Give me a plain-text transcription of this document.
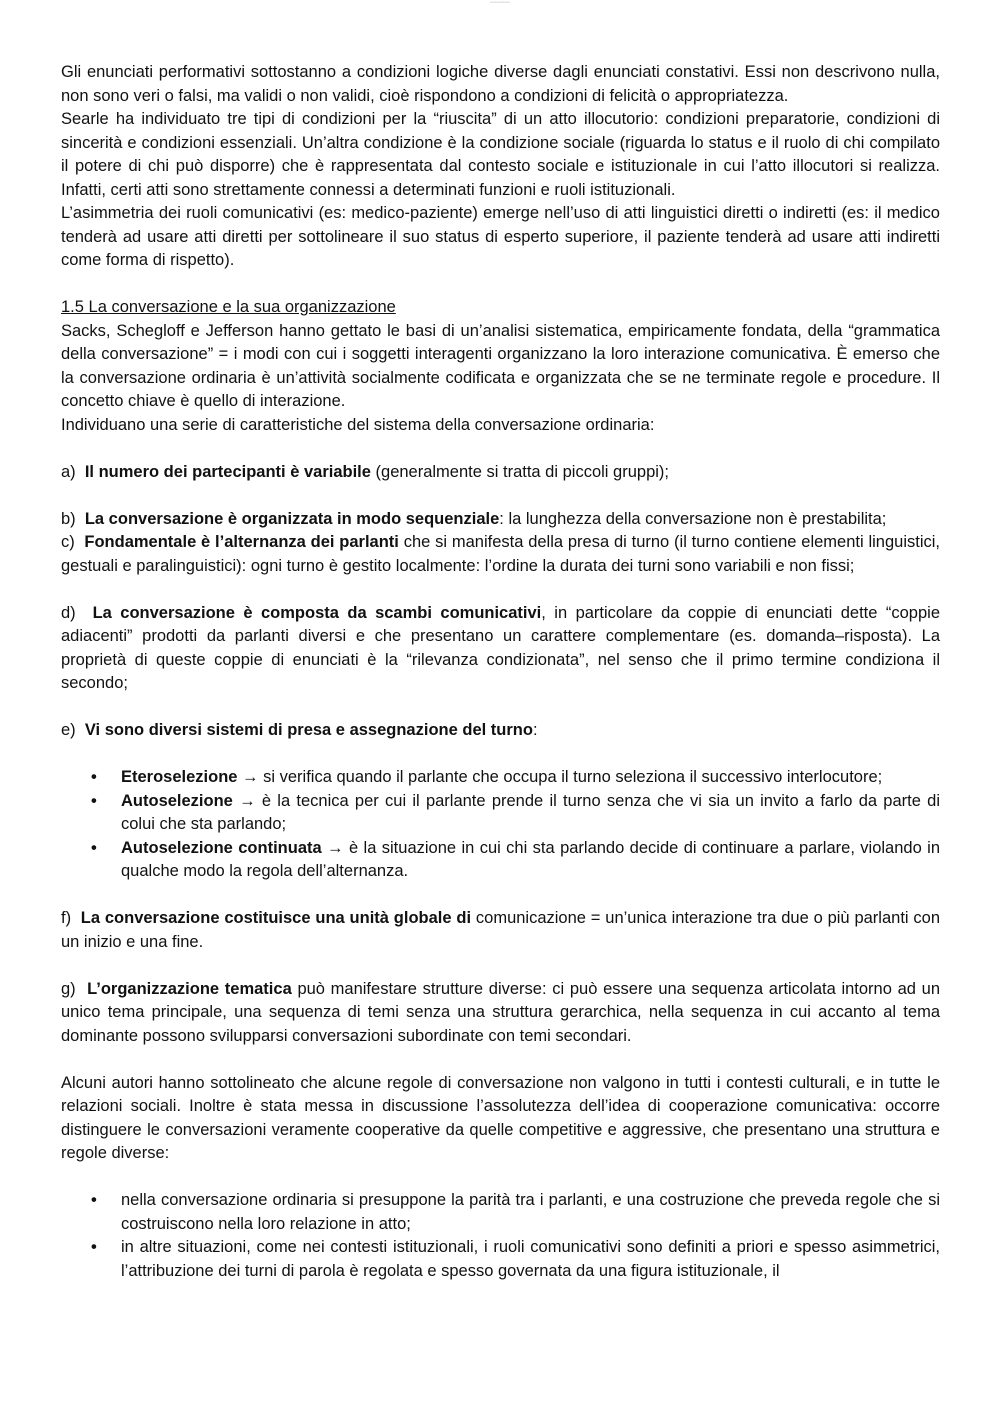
comunicazione

Gli enunciati performativi sottostanno a condizioni logiche diverse dagli enunciati constativi. Essi non descrivono nulla, non sono veri o falsi, ma validi o non validi, cioè rispondono a condizioni di felicità o appropriatezza.

Searle ha individuato tre tipi di condizioni per la “riuscita” di un atto illocutorio: condizioni preparatorie, condizioni di sincerità e condizioni essenziali. Un’altra condizione è la condizione sociale (riguarda lo status e il ruolo di chi compilato il potere di chi può disporre) che è rappresentata dal contesto sociale e istituzionale in cui l’atto illocutori si realizza. Infatti, certi atti sono strettamente connessi a determinati funzioni e ruoli istituzionali.

L’asimmetria dei ruoli comunicativi (es: medico-paziente) emerge nell’uso di atti linguistici diretti o indiretti (es: il medico tenderà ad usare atti diretti per sottolineare il suo status di esperto superiore, il paziente tenderà ad usare atti indiretti come forma di rispetto).

1.5 La conversazione e la sua organizzazione

Sacks, Schegloff e Jefferson hanno gettato le basi di un’analisi sistematica, empiricamente fondata, della “grammatica della conversazione” = i modi con cui i soggetti interagenti organizzano la loro interazione comunicativa. È emerso che la conversazione ordinaria è un’attività socialmente codificata e organizzata che se ne terminate regole e procedure. Il concetto chiave è quello di interazione.

Individuano una serie di caratteristiche del sistema della conversazione ordinaria:

a) Il numero dei partecipanti è variabile (generalmente si tratta di piccoli gruppi);

b) La conversazione è organizzata in modo sequenziale: la lunghezza della conversazione non è prestabilita;

c) Fondamentale è l’alternanza dei parlanti che si manifesta della presa di turno (il turno contiene elementi linguistici, gestuali e paralinguistici): ogni turno è gestito localmente: l’ordine la durata dei turni sono variabili e non fissi;

d) La conversazione è composta da scambi comunicativi, in particolare da coppie di enunciati dette “coppie adiacenti” prodotti da parlanti diversi e che presentano un carattere complementare (es. domanda–risposta). La proprietà di queste coppie di enunciati è la “rilevanza condizionata”, nel senso che il primo termine condiziona il secondo;

e) Vi sono diversi sistemi di presa e assegnazione del turno:

• Eteroselezione → si verifica quando il parlante che occupa il turno seleziona il successivo interlocutore;
• Autoselezione → è la tecnica per cui il parlante prende il turno senza che vi sia un invito a farlo da parte di colui che sta parlando;
• Autoselezione continuata → è la situazione in cui chi sta parlando decide di continuare a parlare, violando in qualche modo la regola dell’alternanza.

f) La conversazione costituisce una unità globale di comunicazione = un’unica interazione tra due o più parlanti con un inizio e una fine.

g) L’organizzazione tematica può manifestare strutture diverse: ci può essere una sequenza articolata intorno ad un unico tema principale, una sequenza di temi senza una struttura gerarchica, nella sequenza in cui accanto al tema dominante possono svilupparsi conversazioni subordinate con temi secondari.

Alcuni autori hanno sottolineato che alcune regole di conversazione non valgono in tutti i contesti culturali, e in tutte le relazioni sociali. Inoltre è stata messa in discussione l’assolutezza dell’idea di cooperazione comunicativa: occorre distinguere le conversazioni veramente cooperative da quelle competitive e aggressive, che presentano una struttura e regole diverse:

• nella conversazione ordinaria si presuppone la parità tra i parlanti, e una costruzione che preveda regole che si costruiscono nella loro relazione in atto;
• in altre situazioni, come nei contesti istituzionali, i ruoli comunicativi sono definiti a priori e spesso asimmetrici, l’attribuzione dei turni di parola è regolata e spesso governata da una figura istituzionale, il
